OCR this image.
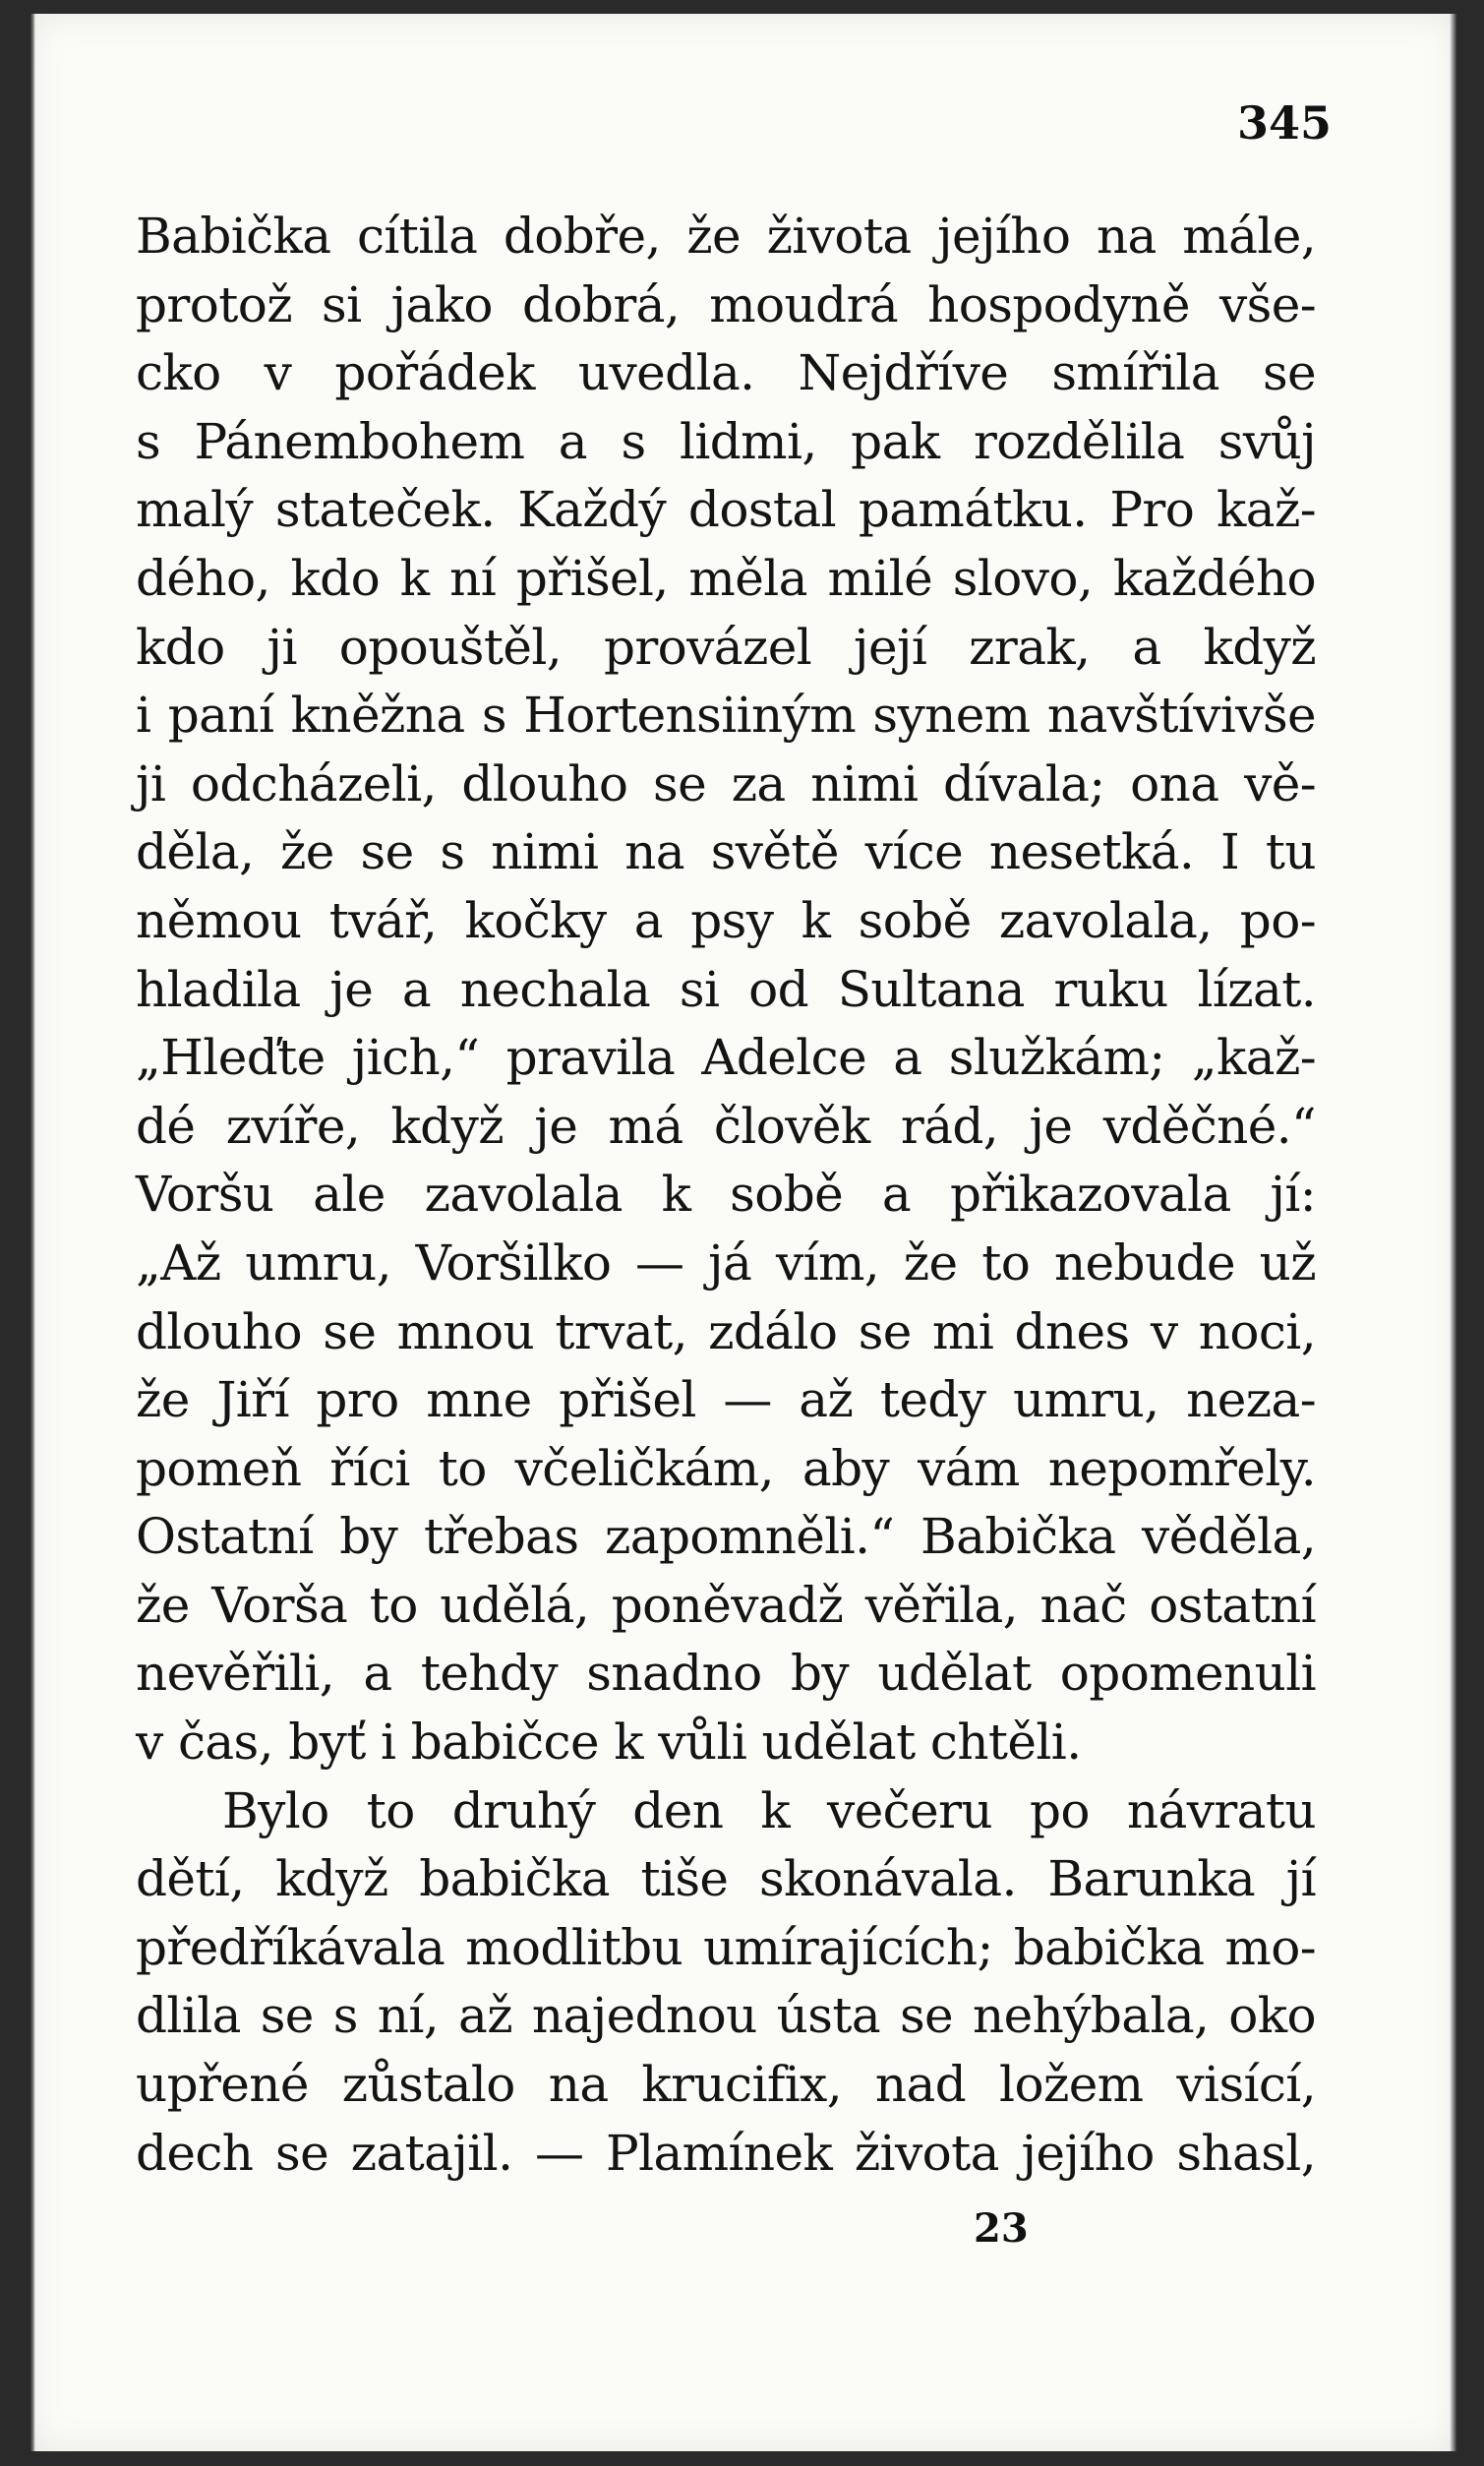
345
Babička cítila dobře, že života jejího na mále,
protož si jako dobrá, moudrá hospodyně vše-
cko v pořádek uvedla. Nejdříve smířila se
s Pánembohem a s lidmi, pak rozdělila svůj
malý stateček. Každý dostal památku. Pro kaž-
dého, kdo k ní přišel, měla milé slovo, každého
kdo ji opouštěl, provázel její zrak, a když
i paní kněžna s Hortensiiným synem navštívivše
ji odcházeli, dlouho se za nimi dívala; ona vě-
děla, že se s nimi na světě více nesetká. I tu
němou tvář, kočky a psy k sobě zavolala, po-
hladila je a nechala si od Sultana ruku lízat.
„Hleďte jich,“ pravila Adelce a služkám; „kaž-
dé zvíře, když je má člověk rád, je vděčné.“
Voršu ale zavolala k sobě a přikazovala jí:
„Až umru, Voršilko — já vím, že to nebude už
dlouho se mnou trvat, zdálo se mi dnes v noci,
že Jiří pro mne přišel — až tedy umru, neza-
pomeň říci to včeličkám, aby vám nepomřely.
Ostatní by třebas zapomněli.“ Babička věděla,
že Vorša to udělá, poněvadž věřila, nač ostatní
nevěřili, a tehdy snadno by udělat opomenuli
v čas, byť i babičce k vůli udělat chtěli.
Bylo to druhý den k večeru po návratu
dětí, když babička tiše skonávala. Barunka jí
předříkávala modlitbu umírajících; babička mo-
dlila se s ní, až najednou ústa se nehýbala, oko
upřené zůstalo na krucifix, nad ložem visící,
dech se zatajil. — Plamínek života jejího shasl,
23
